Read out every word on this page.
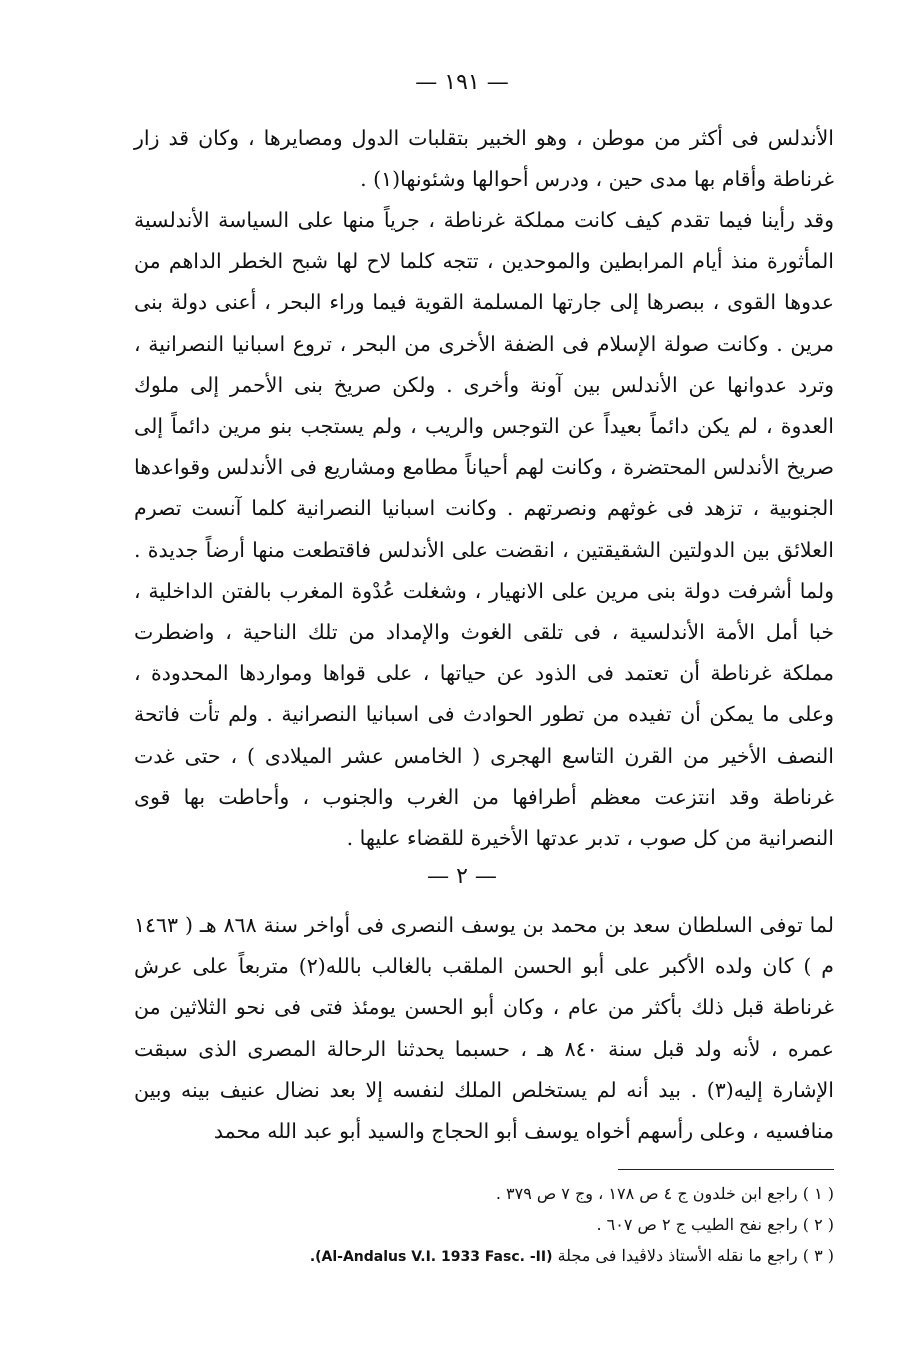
— ١٩١ —
الأندلس فى أكثر من موطن ، وهو الخبير بتقلبات الدول ومصايرها ، وكان قد زار غرناطة وأقام بها مدى حين ، ودرس أحوالها وشئونها(١) .
وقد رأينا فيما تقدم كيف كانت مملكة غرناطة ، جرياً منها على السياسة الأندلسية المأثورة منذ أيام المرابطين والموحدين ، تتجه كلما لاح لها شبح الخطر الداهم من عدوها القوى ، ببصرها إلى جارتها المسلمة القوية فيما وراء البحر ، أعنى دولة بنى مرين . وكانت صولة الإسلام فى الضفة الأخرى من البحر ، تروع اسبانيا النصرانية ، وترد عدوانها عن الأندلس بين آونة وأخرى . ولكن صريخ بنى الأحمر إلى ملوك العدوة ، لم يكن دائماً بعيداً عن التوجس والريب ، ولم يستجب بنو مرين دائماً إلى صريخ الأندلس المحتضرة ، وكانت لهم أحياناً مطامع ومشاريع فى الأندلس وقواعدها الجنوبية ، تزهد فى غوثهم ونصرتهم . وكانت اسبانيا النصرانية كلما آنست تصرم العلائق بين الدولتين الشقيقتين ، انقضت على الأندلس فاقتطعت منها أرضاً جديدة . ولما أشرفت دولة بنى مرين على الانهيار ، وشغلت عُدْوة المغرب بالفتن الداخلية ، خبا أمل الأمة الأندلسية ، فى تلقى الغوث والإمداد من تلك الناحية ، واضطرت مملكة غرناطة أن تعتمد فى الذود عن حياتها ، على قواها ومواردها المحدودة ، وعلى ما يمكن أن تفيده من تطور الحوادث فى اسبانيا النصرانية . ولم تأت فاتحة النصف الأخير من القرن التاسع الهجرى ( الخامس عشر الميلادى ) ، حتى غدت غرناطة وقد انتزعت معظم أطرافها من الغرب والجنوب ، وأحاطت بها قوى النصرانية من كل صوب ، تدبر عدتها الأخيرة للقضاء عليها .
— ٢ —
لما توفى السلطان سعد بن محمد بن يوسف النصرى فى أواخر سنة ٨٦٨ هـ ( ١٤٦٣ م ) كان ولده الأكبر على أبو الحسن الملقب بالغالب بالله(٢) متربعاً على عرش غرناطة قبل ذلك بأكثر من عام ، وكان أبو الحسن يومئذ فتى فى نحو الثلاثين من عمره ، لأنه ولد قبل سنة ٨٤٠ هـ ، حسبما يحدثنا الرحالة المصرى الذى سبقت الإشارة إليه(٣) . بيد أنه لم يستخلص الملك لنفسه إلا بعد نضال عنيف بينه وبين منافسيه ، وعلى رأسهم أخواه يوسف أبو الحجاج والسيد أبو عبد الله محمد
( ١ ) راجع ابن خلدون ج ٤ ص ١٧٨ ، وج ٧ ص ٣٧٩ .
( ٢ ) راجع نفح الطيب ج ٢ ص ٦٠٧ .
( ٣ ) راجع ما نقله الأستاذ دلاڤيدا فى مجلة (Al-Andalus V.I. 1933 Fasc. -II).
